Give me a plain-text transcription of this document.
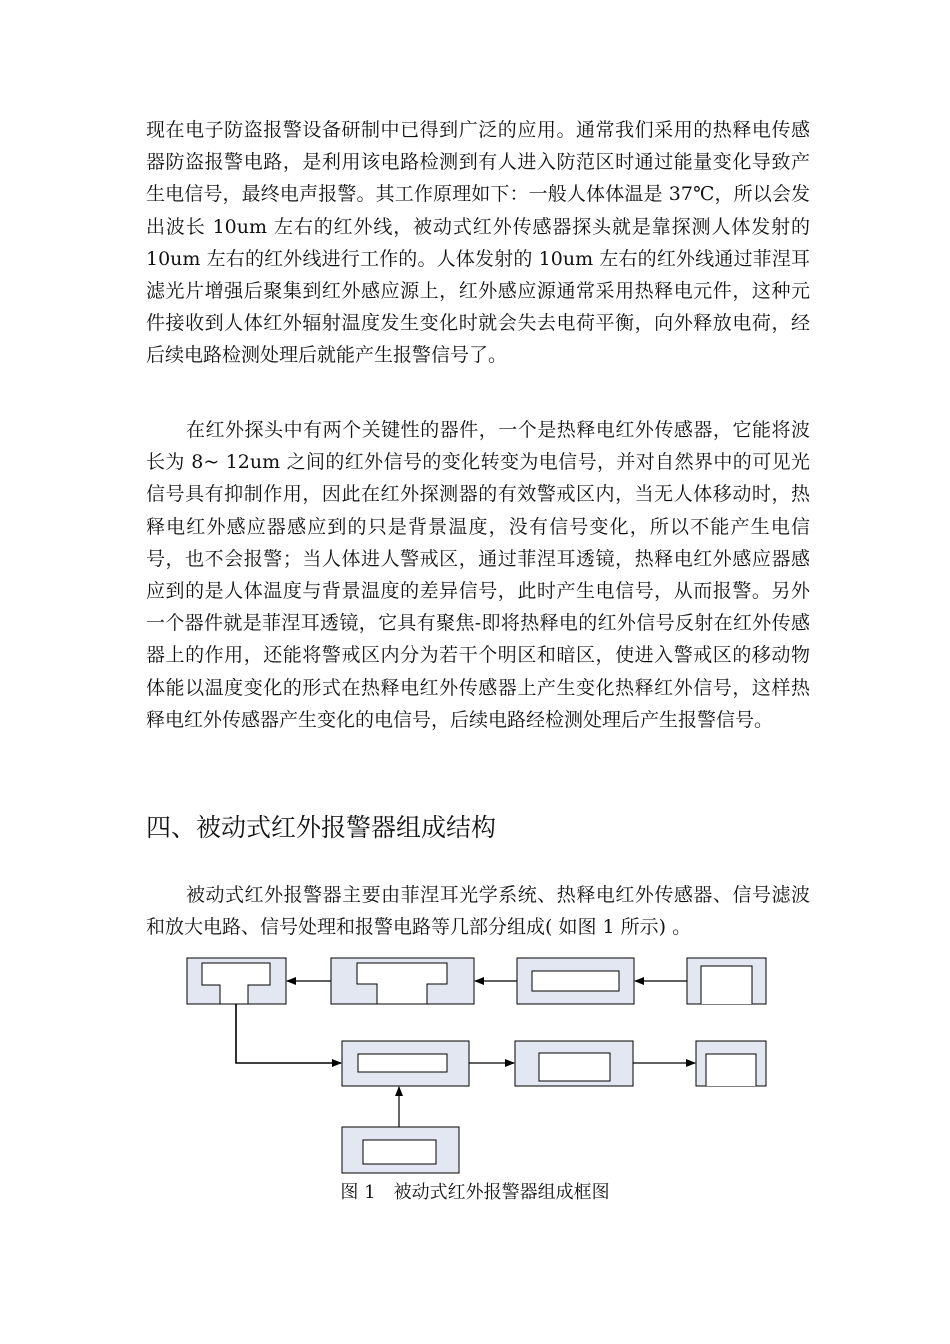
现在电子防盗报警设备研制中已得到广泛的应用。通常我们采用的热释电传感器防盗报警电路，是利用该电路检测到有人进入防范区时通过能量变化导致产生电信号，最终电声报警。其工作原理如下：一般人体体温是 37℃，所以会发出波长 10um 左右的红外线，被动式红外传感器探头就是靠探测人体发射的 10um 左右的红外线进行工作的。人体发射的 10um 左右的红外线通过菲涅耳滤光片增强后聚集到红外感应源上，红外感应源通常采用热释电元件，这种元件接收到人体红外辐射温度发生变化时就会失去电荷平衡，向外释放电荷，经后续电路检测处理后就能产生报警信号了。

在红外探头中有两个关键性的器件，一个是热释电红外传感器，它能将波长为 8~ 12um 之间的红外信号的变化转变为电信号，并对自然界中的可见光信号具有抑制作用，因此在红外探测器的有效警戒区内，当无人体移动时，热释电红外感应器感应到的只是背景温度，没有信号变化，所以不能产生电信号，也不会报警；当人体进人警戒区，通过菲涅耳透镜，热释电红外感应器感应到的是人体温度与背景温度的差异信号，此时产生电信号，从而报警。另外一个器件就是菲涅耳透镜，它具有聚焦-即将热释电的红外信号反射在红外传感器上的作用，还能将警戒区内分为若干个明区和暗区，使进入警戒区的移动物体能以温度变化的形式在热释电红外传感器上产生变化热释红外信号，这样热释电红外传感器产生变化的电信号，后续电路经检测处理后产生报警信号。

四、被动式红外报警器组成结构

被动式红外报警器主要由菲涅耳光学系统、热释电红外传感器、信号滤波和放大电路、信号处理和报警电路等几部分组成( 如图 1 所示) 。

图 1　被动式红外报警器组成框图
